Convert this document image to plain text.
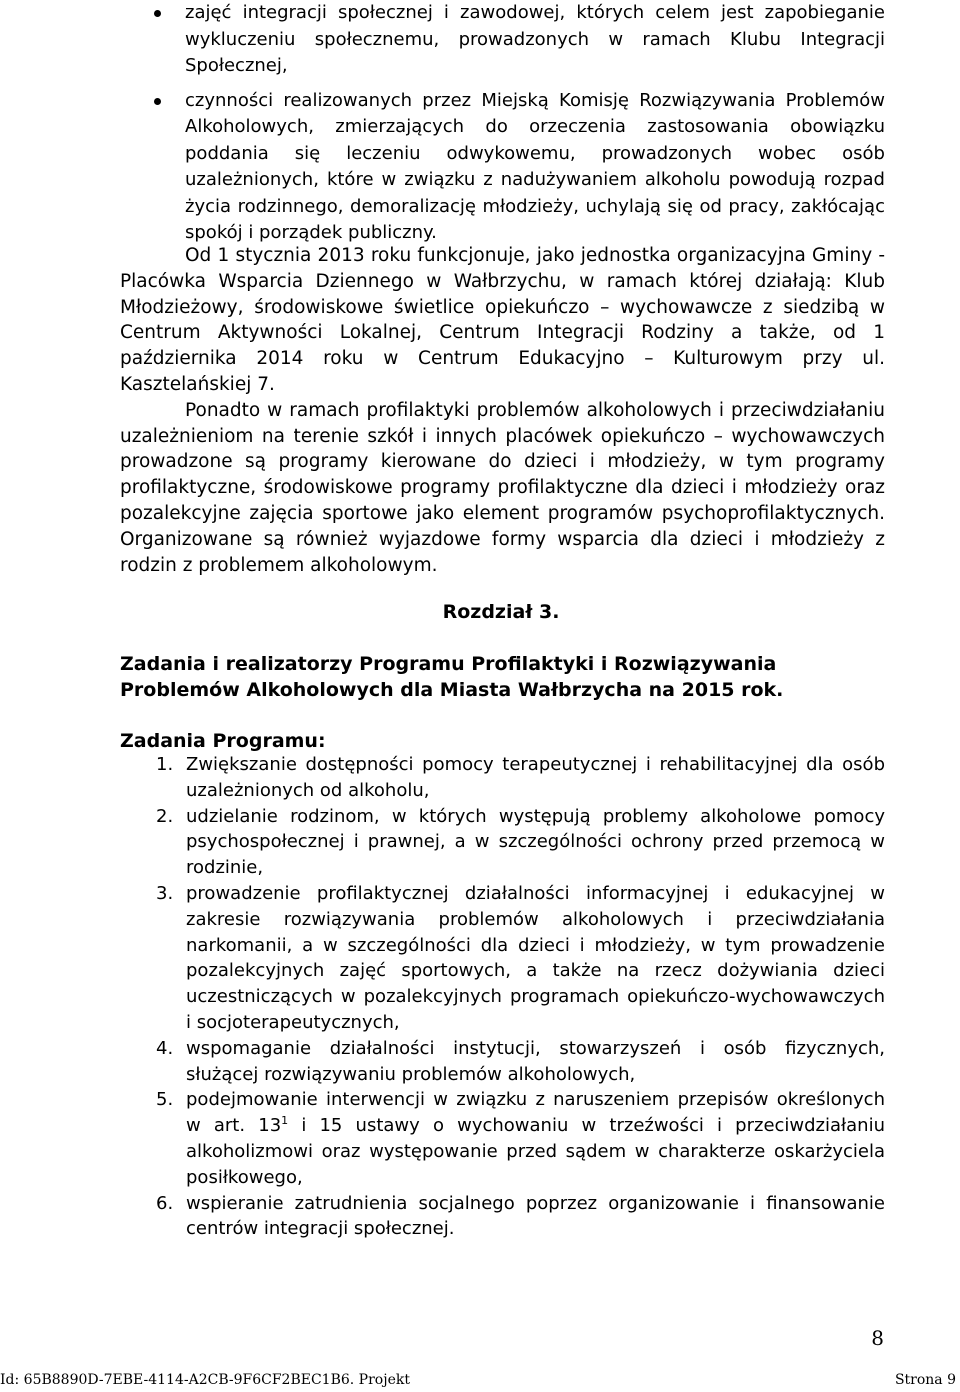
zajęć integracji społecznej i zawodowej, których celem jest zapobieganie wykluczeniu społecznemu, prowadzonych w ramach Klubu Integracji Społecznej,
czynności realizowanych przez Miejską Komisję Rozwiązywania Problemów Alkoholowych, zmierzających do orzeczenia zastosowania obowiązku poddania się leczeniu odwykowemu, prowadzonych wobec osób uzależnionych, które w związku z nadużywaniem alkoholu powodują rozpad życia rodzinnego, demoralizację młodzieży, uchylają się od pracy, zakłócając spokój i porządek publiczny.

Od 1 stycznia 2013 roku funkcjonuje, jako jednostka organizacyjna Gminy - Placówka Wsparcia Dziennego w Wałbrzychu, w ramach której działają: Klub Młodzieżowy, środowiskowe świetlice opiekuńczo – wychowawcze z siedzibą w Centrum Aktywności Lokalnej, Centrum Integracji Rodziny a także, od 1 października 2014 roku w Centrum Edukacyjno – Kulturowym przy ul. Kasztelańskiej 7.

Ponadto w ramach profilaktyki problemów alkoholowych i przeciwdziałaniu uzależnieniom na terenie szkół i innych placówek opiekuńczo – wychowawczych prowadzone są programy kierowane do dzieci i młodzieży, w tym programy profilaktyczne, środowiskowe programy profilaktyczne dla dzieci i młodzieży oraz pozalekcyjne zajęcia sportowe jako element programów psychoprofilaktycznych. Organizowane są również wyjazdowe formy wsparcia dla dzieci i młodzieży z rodzin z problemem alkoholowym.

Rozdział 3.
Zadania i realizatorzy Programu Profilaktyki i Rozwiązywania Problemów Alkoholowych dla Miasta Wałbrzycha na 2015 rok.
Zadania Programu:
1. Zwiększanie dostępności pomocy terapeutycznej i rehabilitacyjnej dla osób uzależnionych od alkoholu,
2. udzielanie rodzinom, w których występują problemy alkoholowe pomocy psychospołecznej i prawnej, a w szczególności ochrony przed przemocą w rodzinie,
3. prowadzenie profilaktycznej działalności informacyjnej i edukacyjnej w zakresie rozwiązywania problemów alkoholowych i przeciwdziałania narkomanii, a w szczególności dla dzieci i młodzieży, w tym prowadzenie pozalekcyjnych zajęć sportowych, a także na rzecz dożywiania dzieci uczestniczących w pozalekcyjnych programach opiekuńczo-wychowawczych i socjoterapeutycznych,
4. wspomaganie działalności instytucji, stowarzyszeń i osób fizycznych, służącej rozwiązywaniu problemów alkoholowych,
5. podejmowanie interwencji w związku z naruszeniem przepisów określonych w art. $13^1$ i 15 ustawy o wychowaniu w trzeźwości i przeciwdziałaniu alkoholizmowi oraz występowanie przed sądem w charakterze oskarżyciela posiłkowego,
6. wspieranie zatrudnienia socjalnego poprzez organizowanie i finansowanie centrów integracji społecznej.
8
Id: 65B8890D-7EBE-4114-A2CB-9F6CF2BEC1B6. Projekt	Strona 9
